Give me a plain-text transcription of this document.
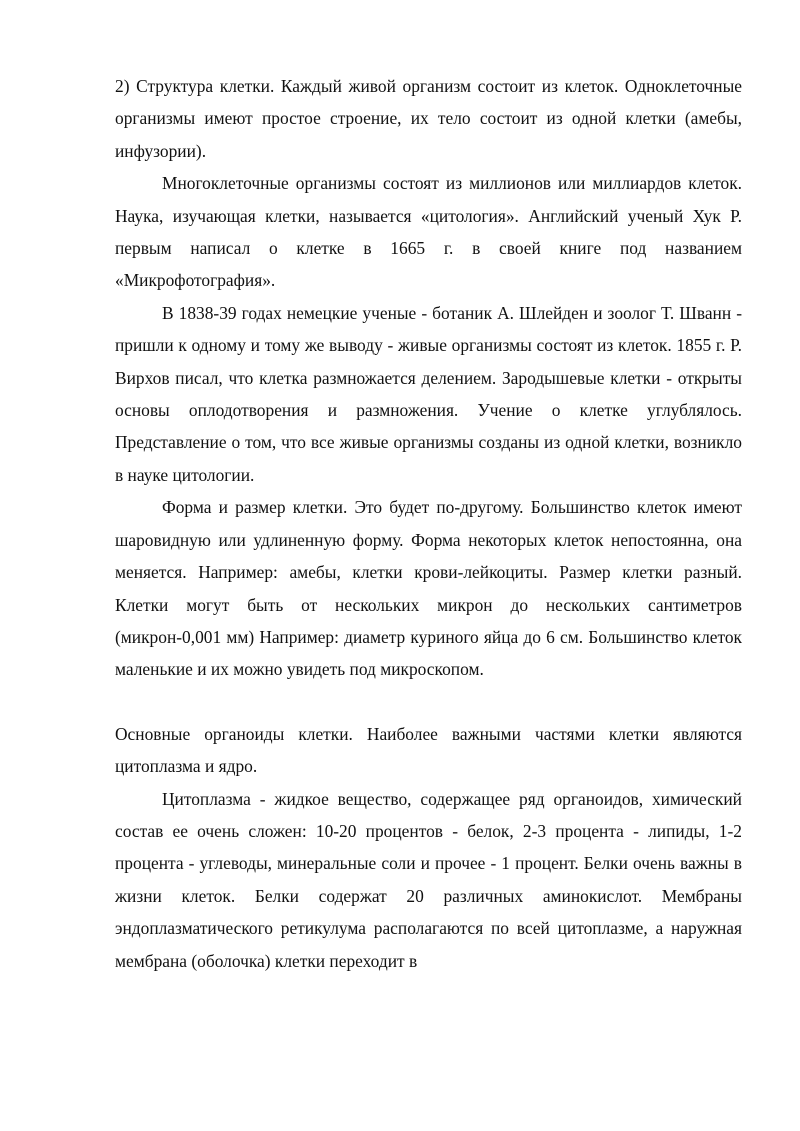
2) Структура клетки. Каждый живой организм состоит из клеток. Одноклеточные организмы имеют простое строение, их тело состоит из одной клетки (амебы, инфузории).

Многоклеточные организмы состоят из миллионов или миллиардов клеток. Наука, изучающая клетки, называется «цитология». Английский ученый Хук Р. первым написал о клетке в 1665 г. в своей книге под названием «Микрофотография».

В 1838-39 годах немецкие ученые - ботаник А. Шлейден и зоолог Т. Шванн - пришли к одному и тому же выводу - живые организмы состоят из клеток. 1855 г. Р. Вирхов писал, что клетка размножается делением. Зародышевые клетки - открыты основы оплодотворения и размножения. Учение о клетке углублялось. Представление о том, что все живые организмы созданы из одной клетки, возникло в науке цитологии.

Форма и размер клетки. Это будет по-другому. Большинство клеток имеют шаровидную или удлиненную форму. Форма некоторых клеток непостоянна, она меняется. Например: амебы, клетки крови-лейкоциты. Размер клетки разный. Клетки могут быть от нескольких микрон до нескольких сантиметров (микрон-0,001 мм) Например: диаметр куриного яйца до 6 см. Большинство клеток маленькие и их можно увидеть под микроскопом.

Основные органоиды клетки. Наиболее важными частями клетки являются цитоплазма и ядро.

Цитоплазма - жидкое вещество, содержащее ряд органоидов, химический состав ее очень сложен: 10-20 процентов - белок, 2-3 процента - липиды, 1-2 процента - углеводы, минеральные соли и прочее - 1 процент. Белки очень важны в жизни клеток. Белки содержат 20 различных аминокислот. Мембраны эндоплазматического ретикулума располагаются по всей цитоплазме, а наружная мембрана (оболочка) клетки переходит в
